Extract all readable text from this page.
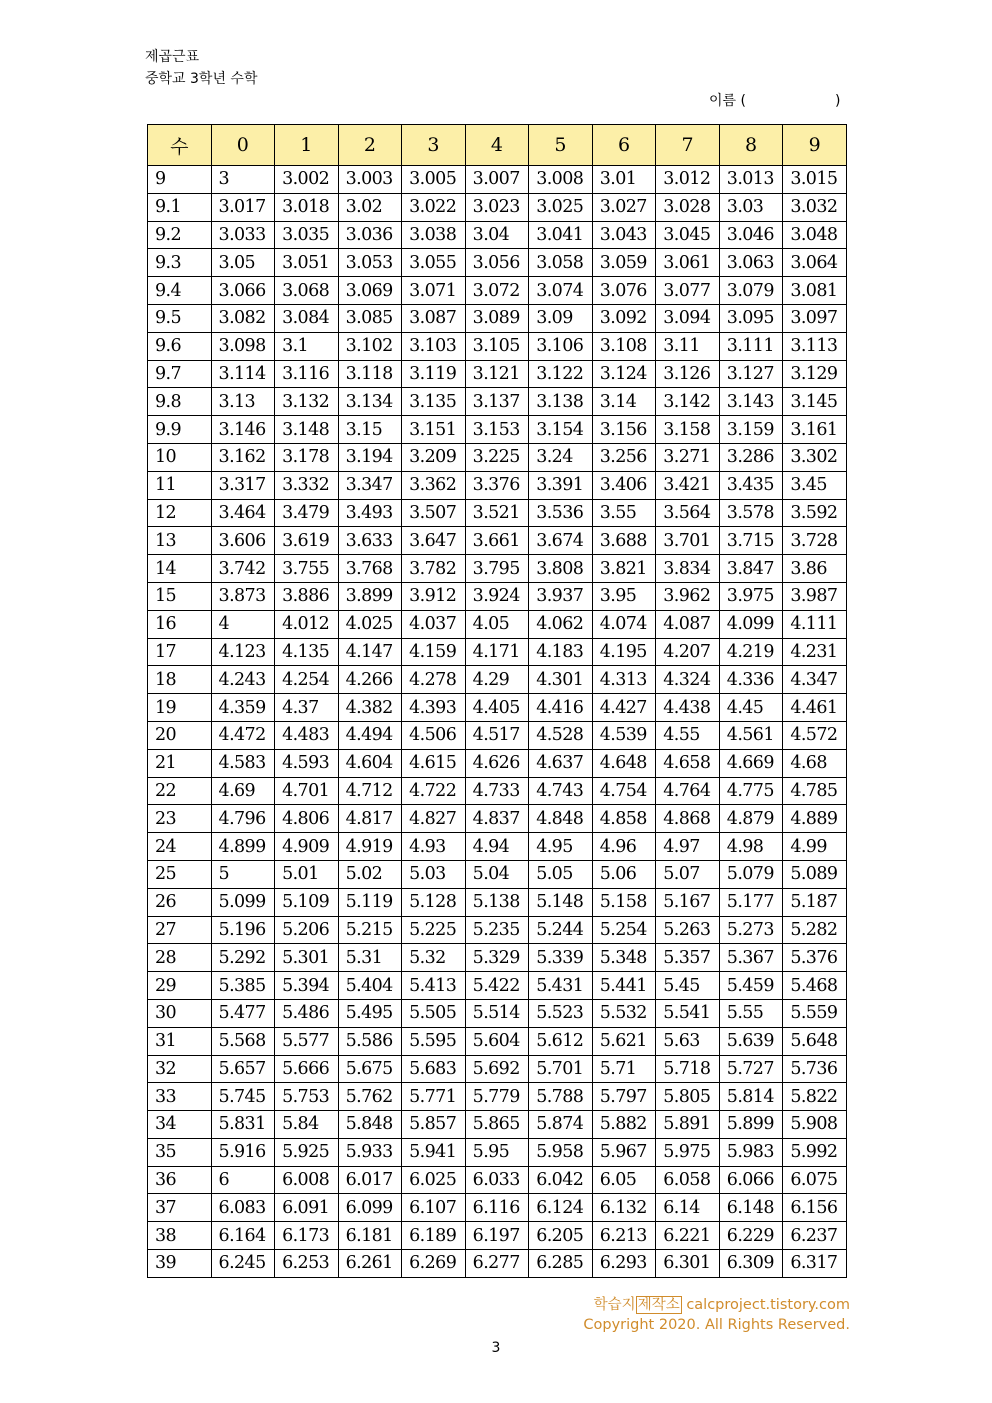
제곱근표
중학교 3학년 수학
이름 (                    )
수	0	1	2	3	4	5	6	7	8	9
9	3	3.002	3.003	3.005	3.007	3.008	3.01	3.012	3.013	3.015
9.1	3.017	3.018	3.02	3.022	3.023	3.025	3.027	3.028	3.03	3.032
9.2	3.033	3.035	3.036	3.038	3.04	3.041	3.043	3.045	3.046	3.048
9.3	3.05	3.051	3.053	3.055	3.056	3.058	3.059	3.061	3.063	3.064
9.4	3.066	3.068	3.069	3.071	3.072	3.074	3.076	3.077	3.079	3.081
9.5	3.082	3.084	3.085	3.087	3.089	3.09	3.092	3.094	3.095	3.097
9.6	3.098	3.1	3.102	3.103	3.105	3.106	3.108	3.11	3.111	3.113
9.7	3.114	3.116	3.118	3.119	3.121	3.122	3.124	3.126	3.127	3.129
9.8	3.13	3.132	3.134	3.135	3.137	3.138	3.14	3.142	3.143	3.145
9.9	3.146	3.148	3.15	3.151	3.153	3.154	3.156	3.158	3.159	3.161
10	3.162	3.178	3.194	3.209	3.225	3.24	3.256	3.271	3.286	3.302
11	3.317	3.332	3.347	3.362	3.376	3.391	3.406	3.421	3.435	3.45
12	3.464	3.479	3.493	3.507	3.521	3.536	3.55	3.564	3.578	3.592
13	3.606	3.619	3.633	3.647	3.661	3.674	3.688	3.701	3.715	3.728
14	3.742	3.755	3.768	3.782	3.795	3.808	3.821	3.834	3.847	3.86
15	3.873	3.886	3.899	3.912	3.924	3.937	3.95	3.962	3.975	3.987
16	4	4.012	4.025	4.037	4.05	4.062	4.074	4.087	4.099	4.111
17	4.123	4.135	4.147	4.159	4.171	4.183	4.195	4.207	4.219	4.231
18	4.243	4.254	4.266	4.278	4.29	4.301	4.313	4.324	4.336	4.347
19	4.359	4.37	4.382	4.393	4.405	4.416	4.427	4.438	4.45	4.461
20	4.472	4.483	4.494	4.506	4.517	4.528	4.539	4.55	4.561	4.572
21	4.583	4.593	4.604	4.615	4.626	4.637	4.648	4.658	4.669	4.68
22	4.69	4.701	4.712	4.722	4.733	4.743	4.754	4.764	4.775	4.785
23	4.796	4.806	4.817	4.827	4.837	4.848	4.858	4.868	4.879	4.889
24	4.899	4.909	4.919	4.93	4.94	4.95	4.96	4.97	4.98	4.99
25	5	5.01	5.02	5.03	5.04	5.05	5.06	5.07	5.079	5.089
26	5.099	5.109	5.119	5.128	5.138	5.148	5.158	5.167	5.177	5.187
27	5.196	5.206	5.215	5.225	5.235	5.244	5.254	5.263	5.273	5.282
28	5.292	5.301	5.31	5.32	5.329	5.339	5.348	5.357	5.367	5.376
29	5.385	5.394	5.404	5.413	5.422	5.431	5.441	5.45	5.459	5.468
30	5.477	5.486	5.495	5.505	5.514	5.523	5.532	5.541	5.55	5.559
31	5.568	5.577	5.586	5.595	5.604	5.612	5.621	5.63	5.639	5.648
32	5.657	5.666	5.675	5.683	5.692	5.701	5.71	5.718	5.727	5.736
33	5.745	5.753	5.762	5.771	5.779	5.788	5.797	5.805	5.814	5.822
34	5.831	5.84	5.848	5.857	5.865	5.874	5.882	5.891	5.899	5.908
35	5.916	5.925	5.933	5.941	5.95	5.958	5.967	5.975	5.983	5.992
36	6	6.008	6.017	6.025	6.033	6.042	6.05	6.058	6.066	6.075
37	6.083	6.091	6.099	6.107	6.116	6.124	6.132	6.14	6.148	6.156
38	6.164	6.173	6.181	6.189	6.197	6.205	6.213	6.221	6.229	6.237
39	6.245	6.253	6.261	6.269	6.277	6.285	6.293	6.301	6.309	6.317
학습지 제작소 calcproject.tistory.com
Copyright 2020. All Rights Reserved.
3
